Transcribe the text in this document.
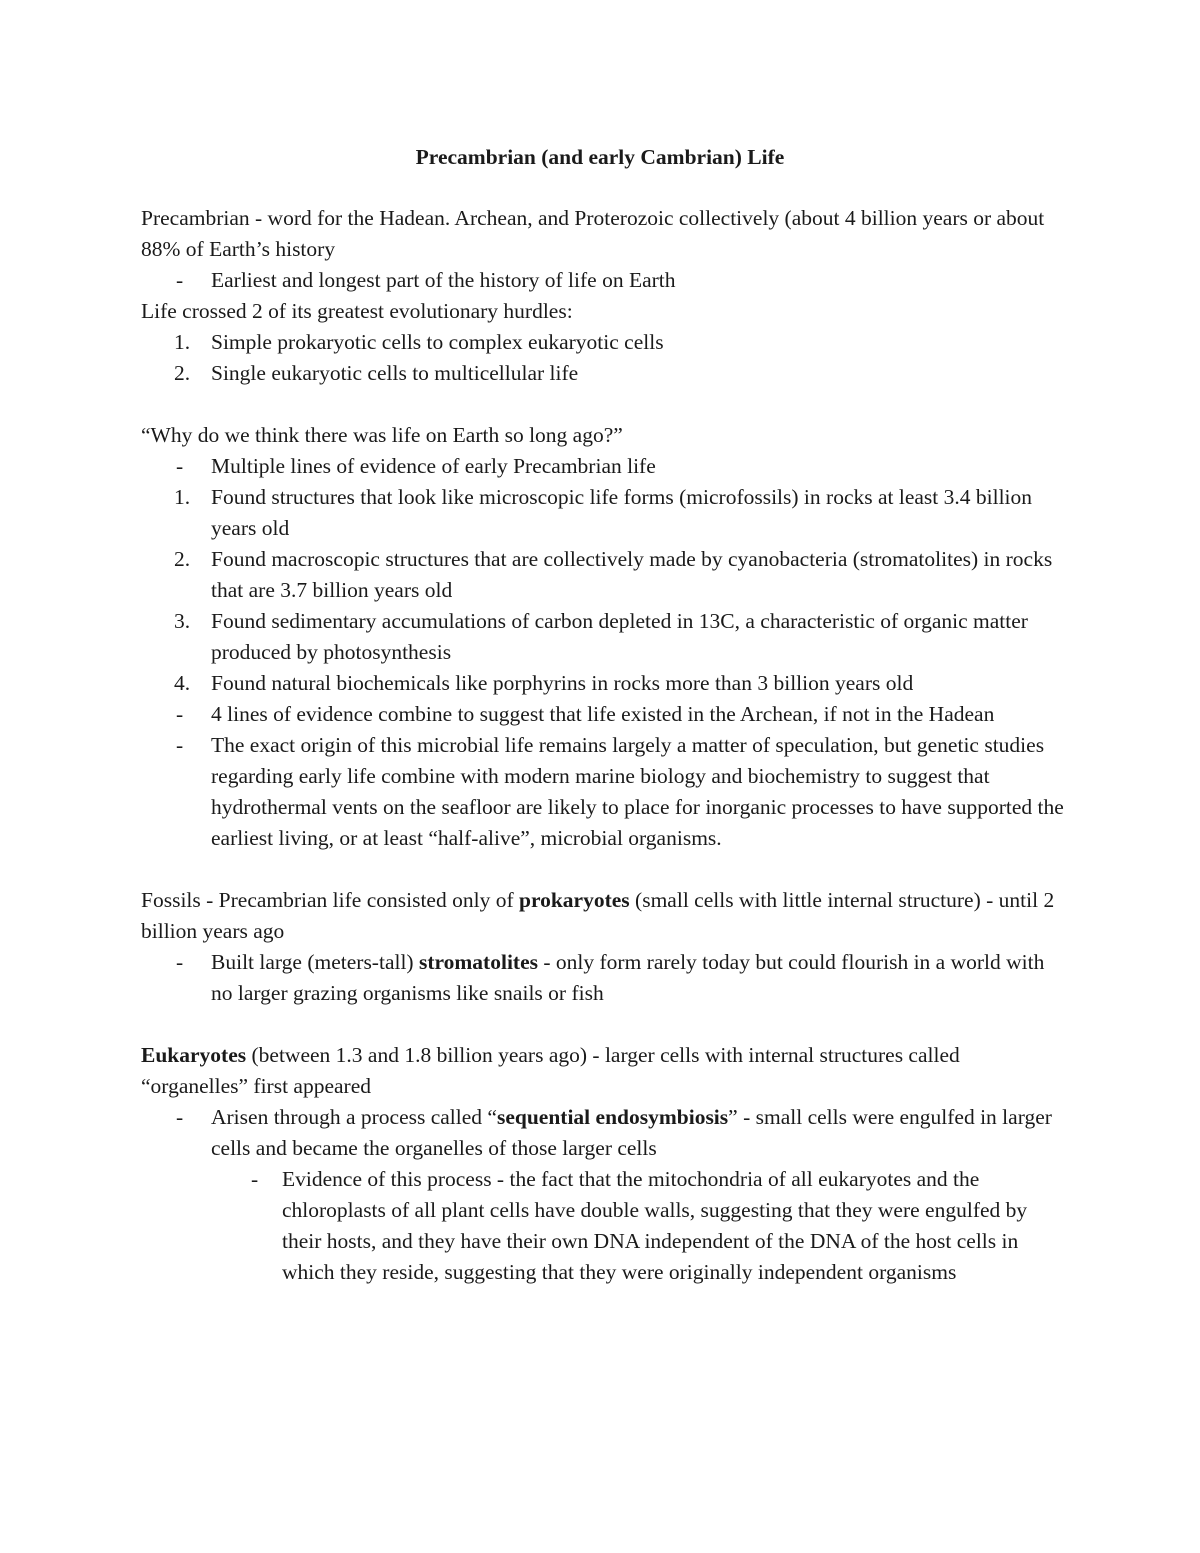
Precambrian (and early Cambrian) Life

Precambrian - word for the Hadean. Archean, and Proterozoic collectively (about 4 billion years or about 88% of Earth’s history

- Earliest and longest part of the history of life on Earth

Life crossed 2 of its greatest evolutionary hurdles:

1. Simple prokaryotic cells to complex eukaryotic cells
2. Single eukaryotic cells to multicellular life

“Why do we think there was life on Earth so long ago?”

- Multiple lines of evidence of early Precambrian life
1. Found structures that look like microscopic life forms (microfossils) in rocks at least 3.4 billion years old
2. Found macroscopic structures that are collectively made by cyanobacteria (stromatolites) in rocks that are 3.7 billion years old
3. Found sedimentary accumulations of carbon depleted in 13C, a characteristic of organic matter produced by photosynthesis
4. Found natural biochemicals like porphyrins in rocks more than 3 billion years old
- 4 lines of evidence combine to suggest that life existed in the Archean, if not in the Hadean
- The exact origin of this microbial life remains largely a matter of speculation, but genetic studies regarding early life combine with modern marine biology and biochemistry to suggest that hydrothermal vents on the seafloor are likely to place for inorganic processes to have supported the earliest living, or at least “half-alive”, microbial organisms.

Fossils - Precambrian life consisted only of prokaryotes (small cells with little internal structure) - until 2 billion years ago

- Built large (meters-tall) stromatolites - only form rarely today but could flourish in a world with no larger grazing organisms like snails or fish

Eukaryotes (between 1.3 and 1.8 billion years ago) - larger cells with internal structures called “organelles” first appeared

- Arisen through a process called “sequential endosymbiosis” - small cells were engulfed in larger cells and became the organelles of those larger cells
- Evidence of this process - the fact that the mitochondria of all eukaryotes and the chloroplasts of all plant cells have double walls, suggesting that they were engulfed by their hosts, and they have their own DNA independent of the DNA of the host cells in which they reside, suggesting that they were originally independent organisms
